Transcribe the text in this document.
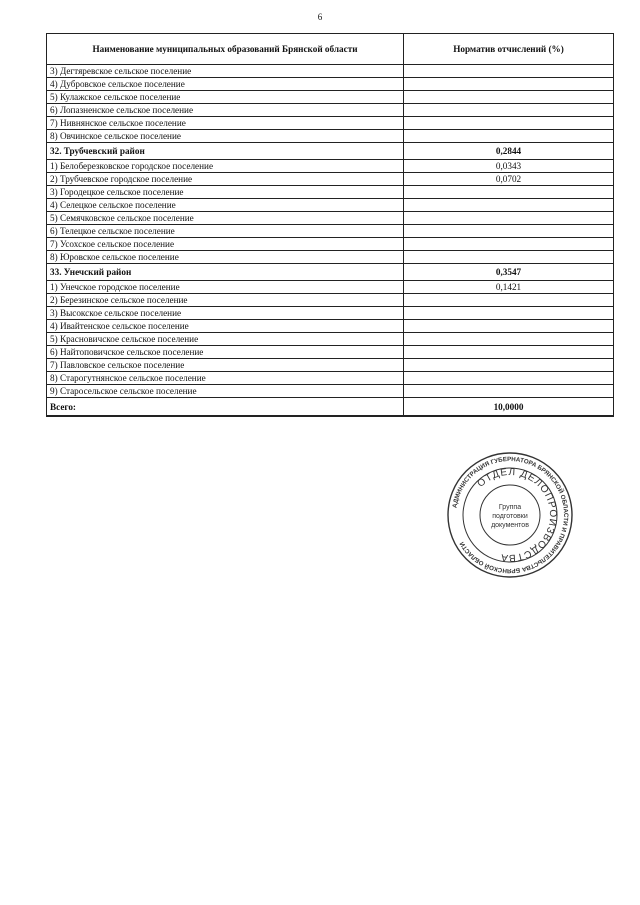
6
Наименование муниципальных образований Брянской области	Норматив отчислений (%)
3) Дегтяревское сельское поселение	
4) Дубровское сельское поселение	
5) Кулажское сельское поселение	
6) Лопазненское сельское поселение	
7) Нивнянское сельское поселение	
8) Овчинское сельское поселение	
32. Трубчевский район	0,2844
1) Белоберезковское городское поселение	0,0343
2) Трубчевское городское поселение	0,0702
3) Городецкое сельское поселение	
4) Селецкое сельское поселение	
5) Семячковское сельское поселение	
6) Телецкое сельское поселение	
7) Усохское сельское поселение	
8) Юровское сельское поселение	
33. Унечский район	0,3547
1) Унечское городское поселение	0,1421
2) Березинское сельское поселение	
3) Высокское сельское поселение	
4) Ивайтенское сельское поселение	
5) Красновичское сельское поселение	
6) Найтоповичское сельское поселение	
7) Павловское сельское поселение	
8) Старогутнянское сельское поселение	
9) Старосельское сельское поселение	
Всего:	10,0000
АДМИНИСТРАЦИЯ ГУБЕРНАТОРА БРЯНСКОЙ ОБЛАСТИ И ПРАВИТЕЛЬСТВА БРЯНСКОЙ ОБЛАСТИ
ОТДЕЛ ДЕЛОПРОИЗВОДСТВА
Группа
подготовки
документов
